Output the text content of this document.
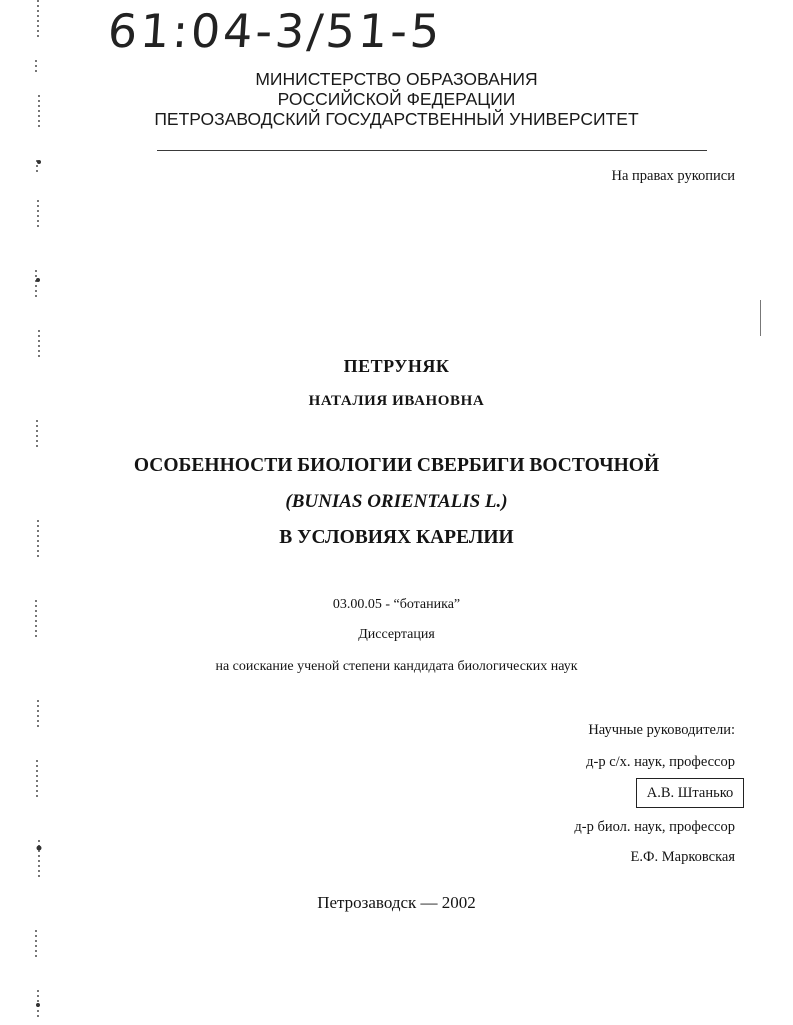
61:04-3/51-5
МИНИСТЕРСТВО ОБРАЗОВАНИЯ
РОССИЙСКОЙ ФЕДЕРАЦИИ
ПЕТРОЗАВОДСКИЙ ГОСУДАРСТВЕННЫЙ УНИВЕРСИТЕТ
На правах рукописи
ПЕТРУНЯК
НАТАЛИЯ ИВАНОВНА
ОСОБЕННОСТИ БИОЛОГИИ СВЕРБИГИ ВОСТОЧНОЙ
(BUNIAS ORIENTALIS L.)
В УСЛОВИЯХ КАРЕЛИИ
03.00.05 - “ботаника”
Диссертация
на соискание ученой степени кандидата биологических наук
Научные руководители:
д-р с/х. наук, профессор
А.В. Штанько
д-р биол. наук, профессор
Е.Ф. Марковская
Петрозаводск — 2002
